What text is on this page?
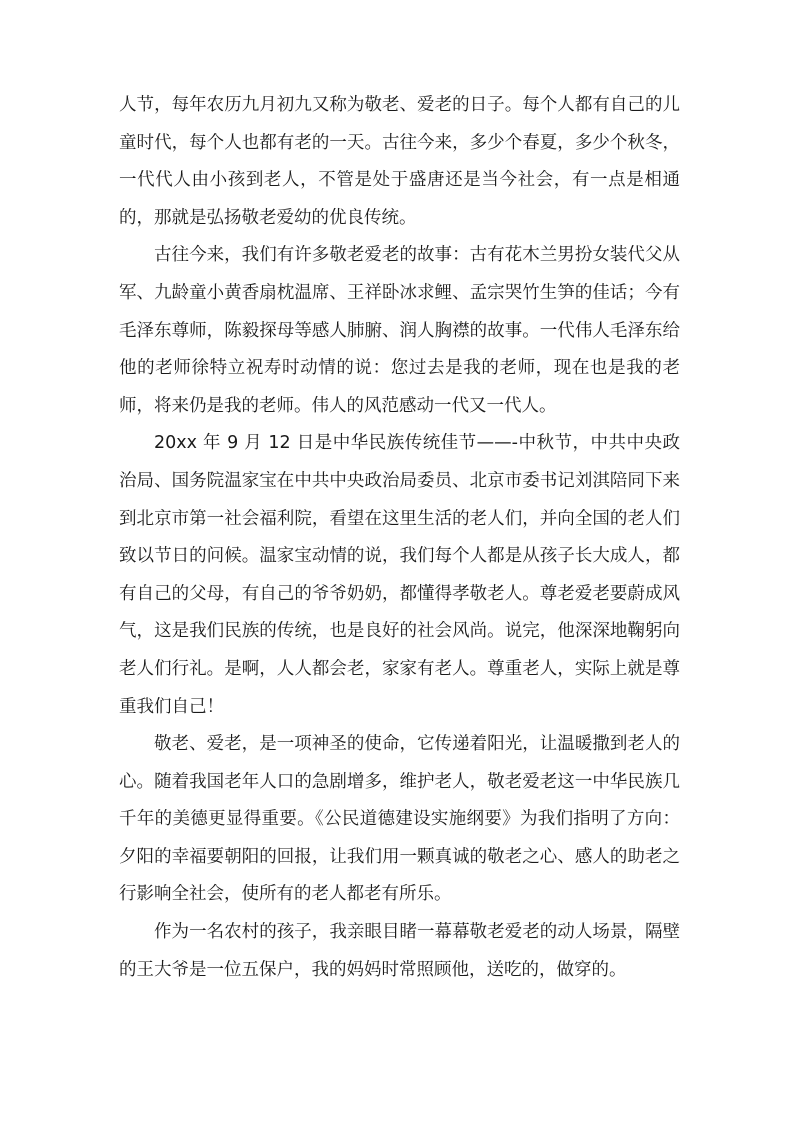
人节，每年农历九月初九又称为敬老、爱老的日子。每个人都有自己的儿童时代，每个人也都有老的一天。古往今来，多少个春夏，多少个秋冬，一代代人由小孩到老人，不管是处于盛唐还是当今社会，有一点是相通的，那就是弘扬敬老爱幼的优良传统。

古往今来，我们有许多敬老爱老的故事：古有花木兰男扮女装代父从军、九龄童小黄香扇枕温席、王祥卧冰求鲤、孟宗哭竹生笋的佳话；今有毛泽东尊师，陈毅探母等感人肺腑、润人胸襟的故事。一代伟人毛泽东给他的老师徐特立祝寿时动情的说：您过去是我的老师，现在也是我的老师，将来仍是我的老师。伟人的风范感动一代又一代人。

20xx 年 9 月 12 日是中华民族传统佳节——-中秋节，中共中央政治局、国务院温家宝在中共中央政治局委员、北京市委书记刘淇陪同下来到北京市第一社会福利院，看望在这里生活的老人们，并向全国的老人们致以节日的问候。温家宝动情的说，我们每个人都是从孩子长大成人，都有自己的父母，有自己的爷爷奶奶，都懂得孝敬老人。尊老爱老要蔚成风气，这是我们民族的传统，也是良好的社会风尚。说完，他深深地鞠躬向老人们行礼。是啊，人人都会老，家家有老人。尊重老人，实际上就是尊重我们自己！

敬老、爱老，是一项神圣的使命，它传递着阳光，让温暖撒到老人的心。随着我国老年人口的急剧增多，维护老人，敬老爱老这一中华民族几千年的美德更显得重要。《公民道德建设实施纲要》为我们指明了方向：夕阳的幸福要朝阳的回报，让我们用一颗真诚的敬老之心、感人的助老之行影响全社会，使所有的老人都老有所乐。

作为一名农村的孩子，我亲眼目睹一幕幕敬老爱老的动人场景，隔壁的王大爷是一位五保户，我的妈妈时常照顾他，送吃的，做穿的。
